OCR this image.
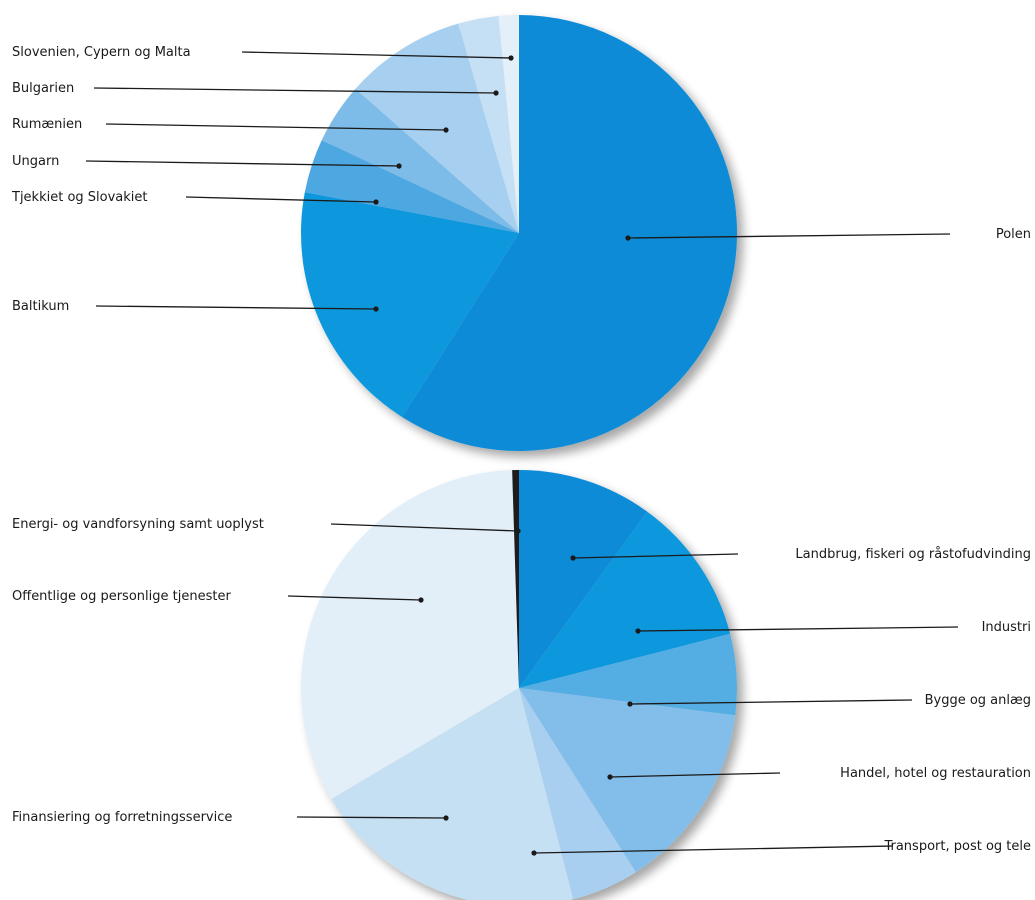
Polen
Baltikum
Tjekkiet og Slovakiet
Ungarn
Rumænien
Bulgarien
Slovenien, Cypern og Malta
Landbrug, fiskeri og råstofudvinding
Industri
Bygge og anlæg
Handel, hotel og restauration
Transport, post og tele
Finansiering og forretningsservice
Offentlige og personlige tjenester
Energi- og vandforsyning samt uoplyst
